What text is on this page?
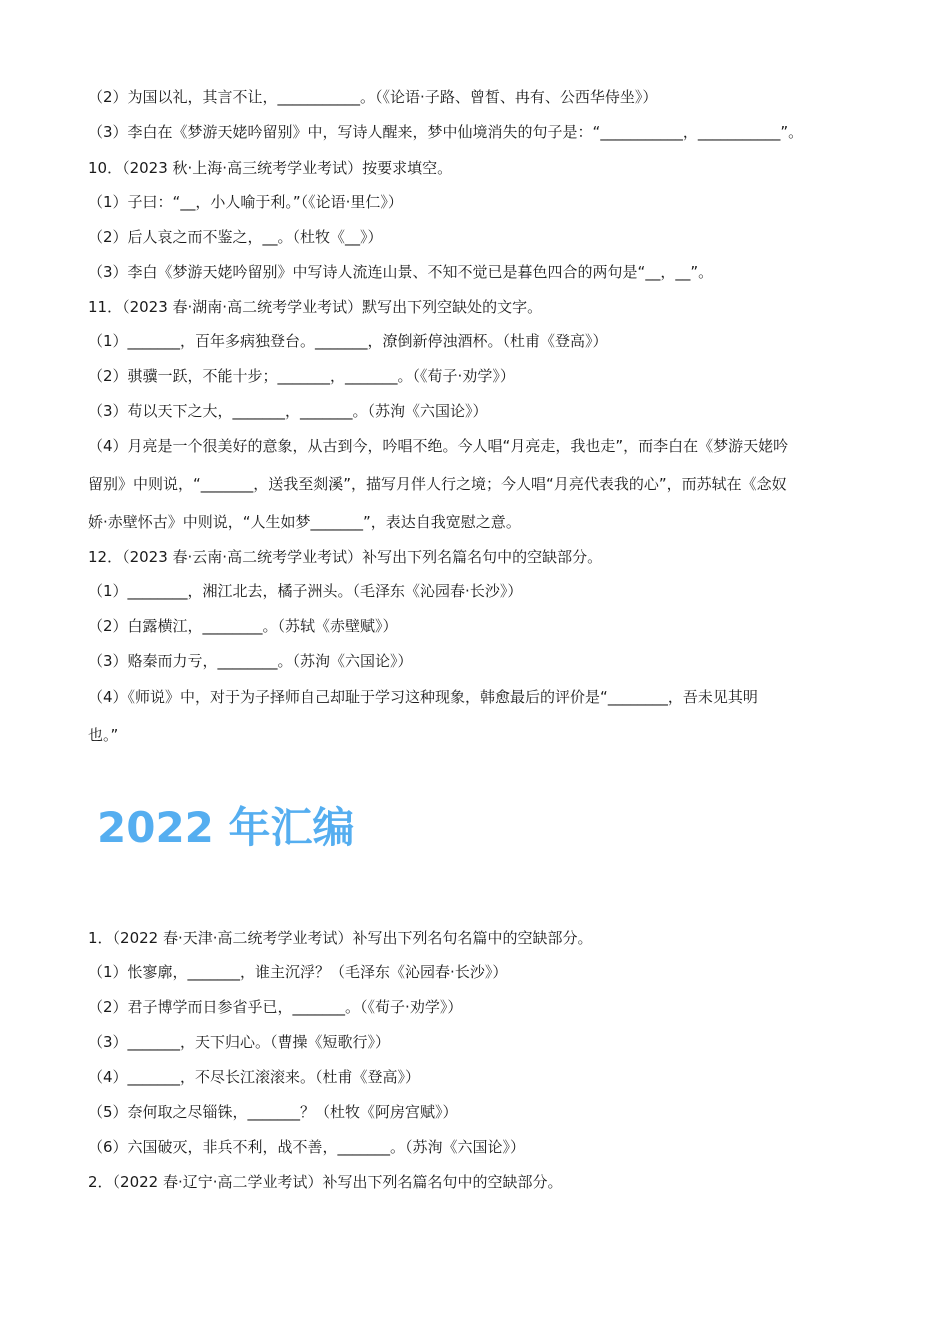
（2）为国以礼，其言不让，___________。（《论语·子路、曾皙、冉有、公西华侍坐》）
（3）李白在《梦游天姥吟留别》中，写诗人醒来，梦中仙境消失的句子是：“___________，___________”。
10．（2023 秋·上海·高三统考学业考试）按要求填空。
（1）子曰：“__，小人喻于利。”（《论语·里仁》）
（2）后人哀之而不鉴之，__。（杜牧《__》）
（3）李白《梦游天姥吟留别》中写诗人流连山景、不知不觉已是暮色四合的两句是“__，__”。
11．（2023 春·湖南·高二统考学业考试）默写出下列空缺处的文字。
（1）_______，百年多病独登台。_______，潦倒新停浊酒杯。（杜甫《登高》）
（2）骐骥一跃，不能十步；_______，_______。（《荀子·劝学》）
（3）苟以天下之大，_______，_______。（苏洵《六国论》）
（4）月亮是一个很美好的意象，从古到今，吟唱不绝。今人唱“月亮走，我也走”，而李白在《梦游天姥吟
留别》中则说，“_______，送我至剡溪”，描写月伴人行之境；今人唱“月亮代表我的心”，而苏轼在《念奴
娇·赤壁怀古》中则说，“人生如梦_______”，表达自我宽慰之意。
12．（2023 春·云南·高二统考学业考试）补写出下列名篇名句中的空缺部分。
（1）________，湘江北去，橘子洲头。（毛泽东《沁园春·长沙》）
（2）白露横江，________。（苏轼《赤壁赋》）
（3）赂秦而力亏，________。（苏洵《六国论》）
（4）《师说》中，对于为子择师自己却耻于学习这种现象，韩愈最后的评价是“________，吾未见其明
也。”
2022 年汇编
1．（2022 春·天津·高二统考学业考试）补写出下列名句名篇中的空缺部分。
（1）怅寥廓，_______，谁主沉浮？（毛泽东《沁园春·长沙》）
（2）君子博学而日参省乎已，_______。（《荀子·劝学》）
（3）_______，天下归心。（曹操《短歌行》）
（4）_______，不尽长江滚滚来。（杜甫《登高》）
（5）奈何取之尽锱铢，_______？（杜牧《阿房宫赋》）
（6）六国破灭，非兵不利，战不善，_______。（苏洵《六国论》）
2．（2022 春·辽宁·高二学业考试）补写出下列名篇名句中的空缺部分。
